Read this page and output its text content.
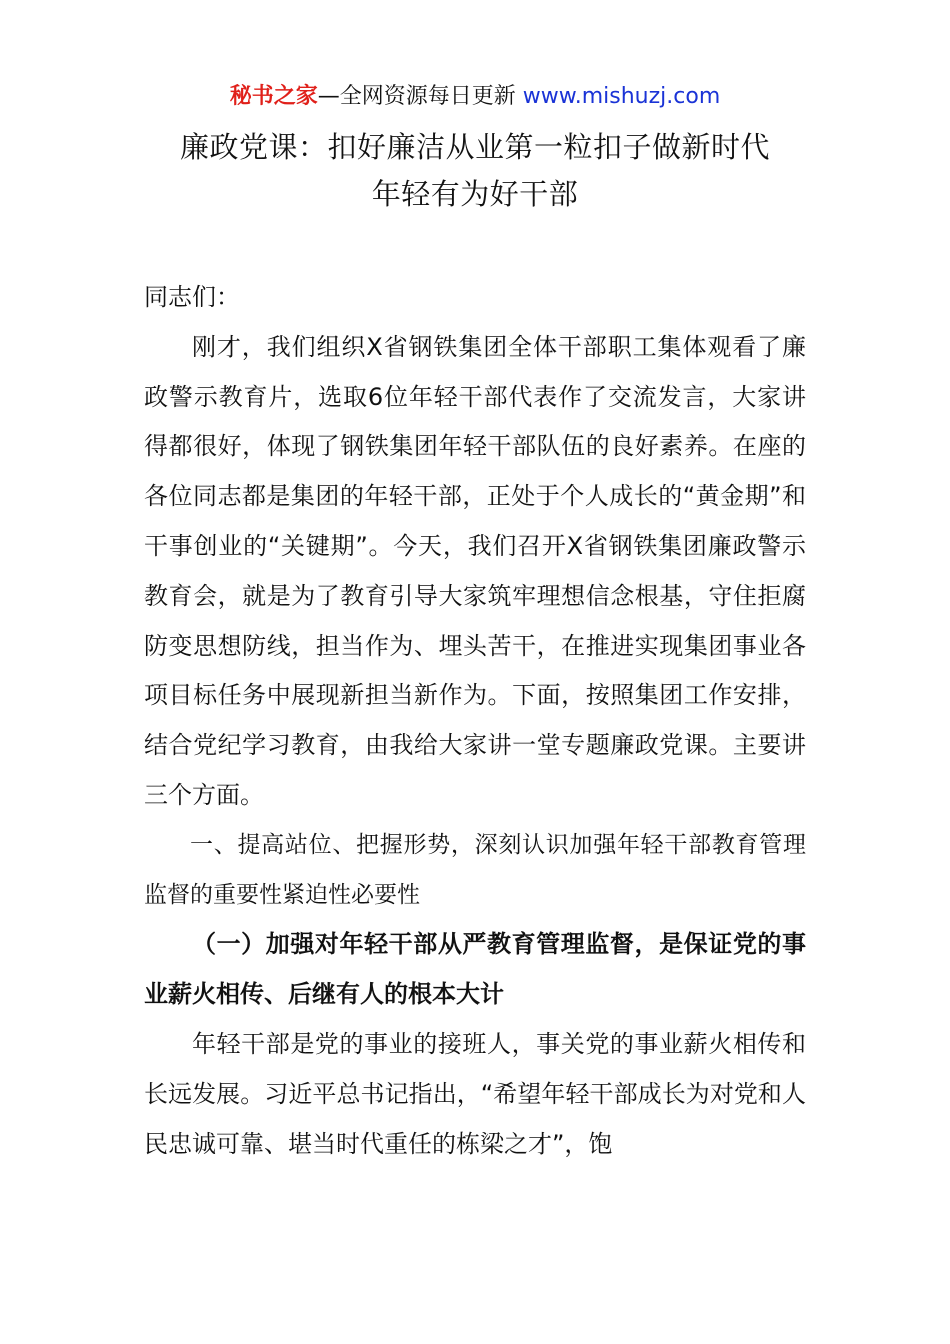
秘书之家—全网资源每日更新 www.mishuzj.com
廉政党课：扣好廉洁从业第一粒扣子做新时代
年轻有为好干部

同志们：

刚才，我们组织X省钢铁集团全体干部职工集体观看了廉政警示教育片，选取6位年轻干部代表作了交流发言，大家讲得都很好，体现了钢铁集团年轻干部队伍的良好素养。在座的各位同志都是集团的年轻干部，正处于个人成长的“黄金期”和干事创业的“关键期”。今天，我们召开X省钢铁集团廉政警示教育会，就是为了教育引导大家筑牢理想信念根基，守住拒腐防变思想防线，担当作为、埋头苦干，在推进实现集团事业各项目标任务中展现新担当新作为。下面，按照集团工作安排，结合党纪学习教育，由我给大家讲一堂专题廉政党课。主要讲三个方面。

一、提高站位、把握形势，深刻认识加强年轻干部教育管理监督的重要性紧迫性必要性

（一）加强对年轻干部从严教育管理监督，是保证党的事业薪火相传、后继有人的根本大计

年轻干部是党的事业的接班人，事关党的事业薪火相传和长远发展。习近平总书记指出，“希望年轻干部成长为对党和人民忠诚可靠、堪当时代重任的栋梁之才”，饱
